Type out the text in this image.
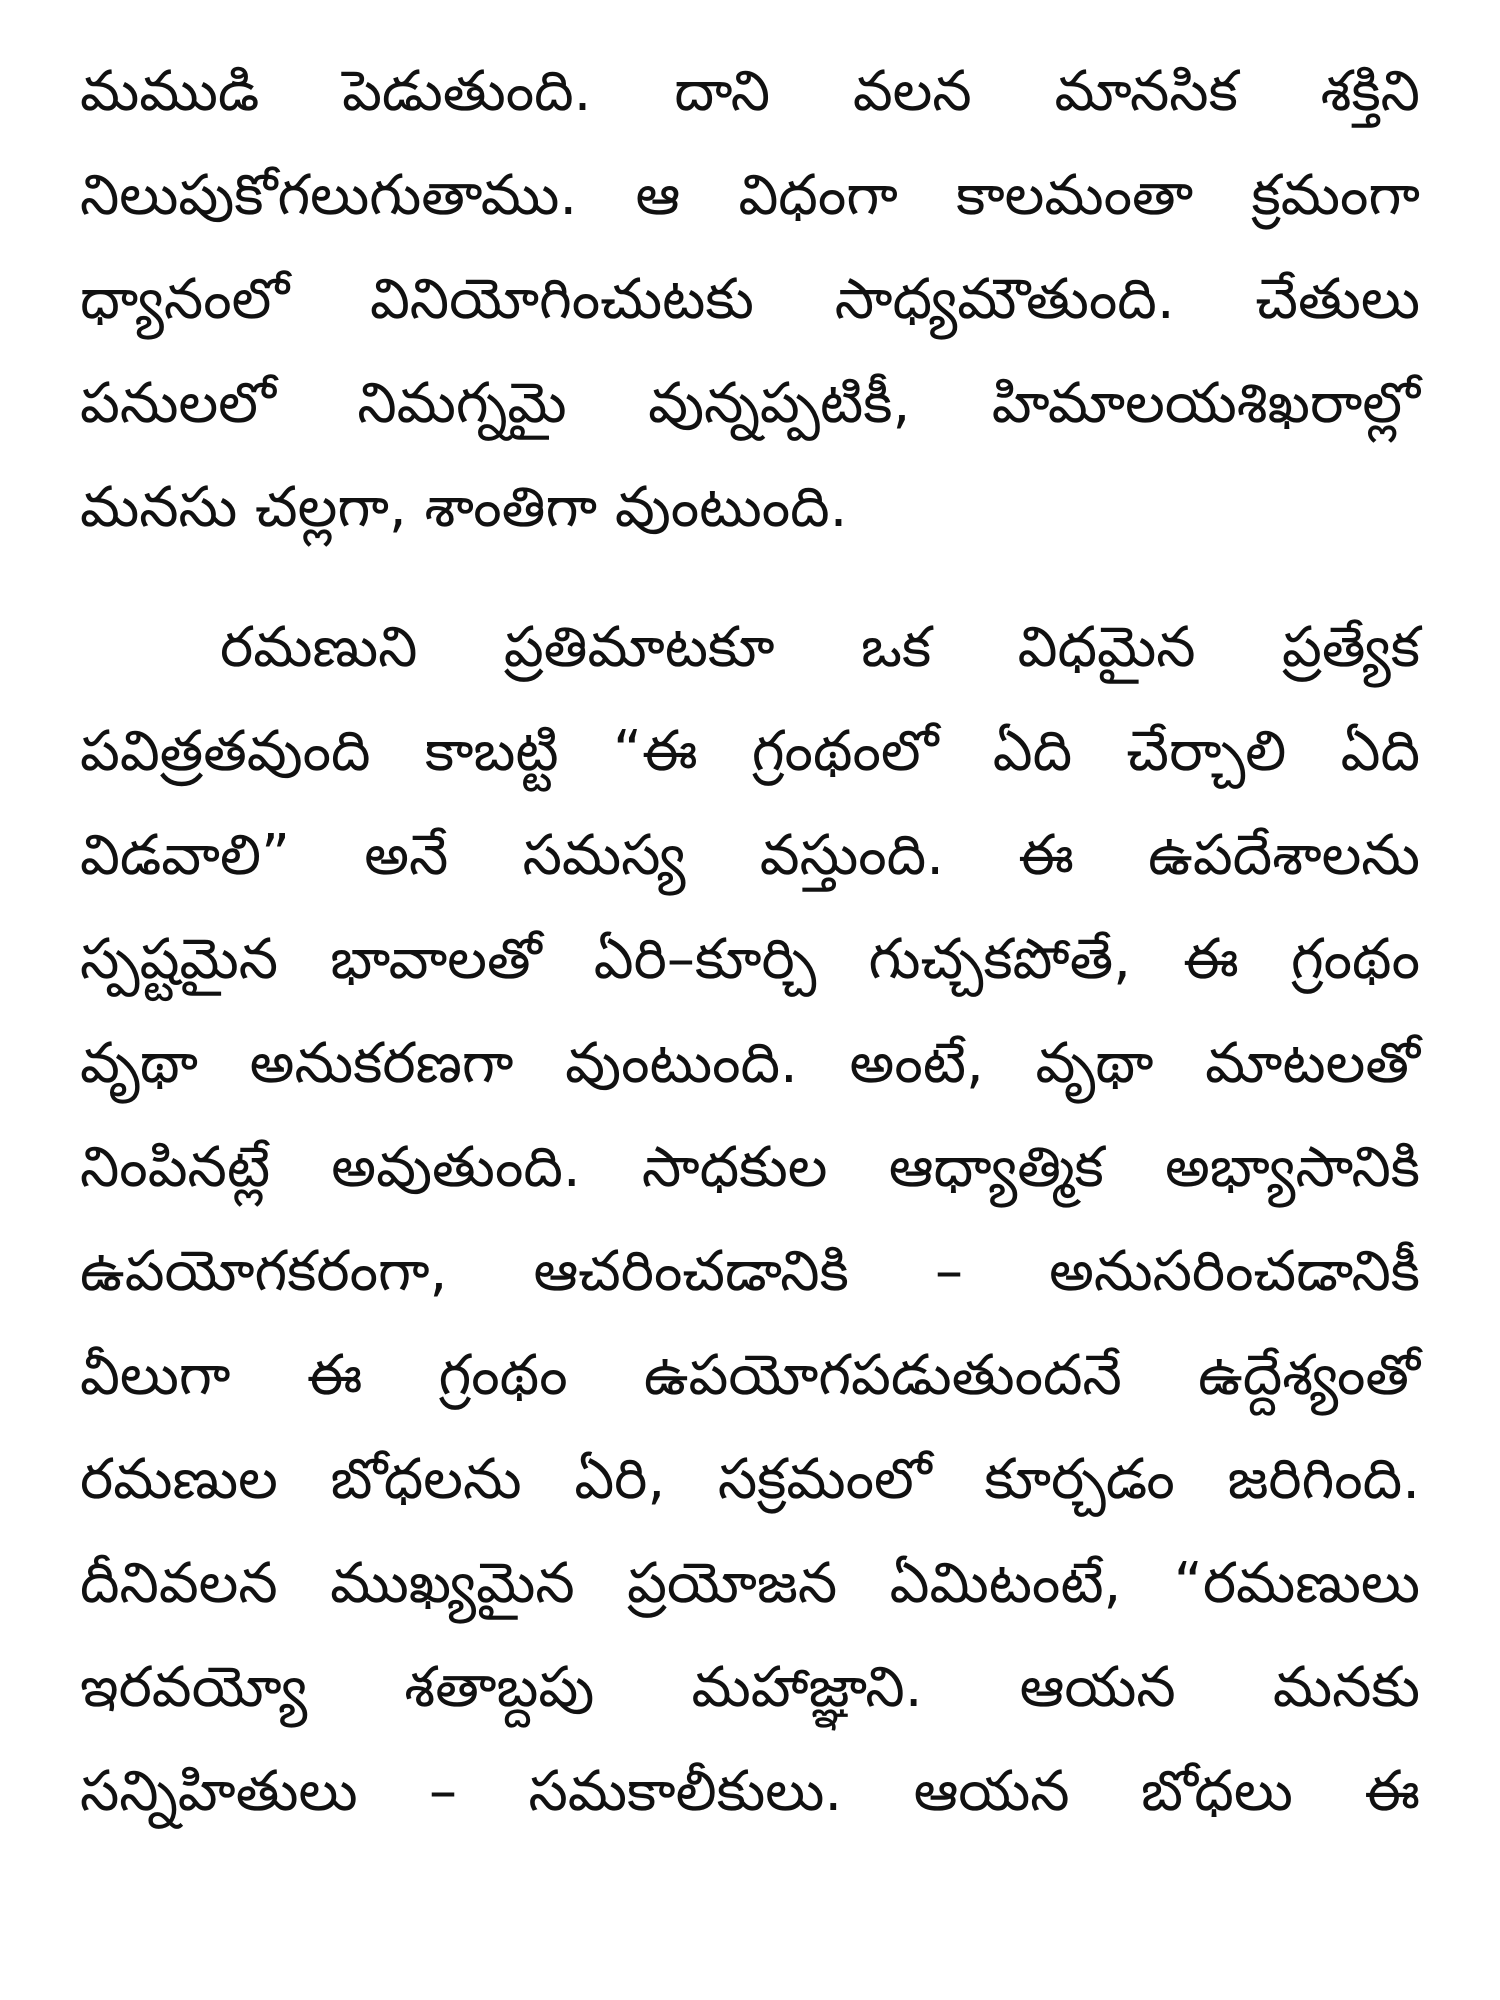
మముడి పెడుతుంది. దాని వలన మానసిక శక్తిని
నిలుపుకోగలుగుతాము. ఆ విధంగా కాలమంతా క్రమంగా
ధ్యానంలో వినియోగించుటకు సాధ్యమౌతుంది. చేతులు
పనులలో నిమగ్నమై వున్నప్పటికీ, హిమాలయశిఖరాల్లో
మనసు చల్లగా, శాంతిగా వుంటుంది.
రమణుని ప్రతిమాటకూ ఒక విధమైన ప్రత్యేక
పవిత్రతవుంది కాబట్టి “ఈ గ్రంథంలో ఏది చేర్చాలి ఏది
విడవాలి” అనే సమస్య వస్తుంది. ఈ ఉపదేశాలను
స్పష్టమైన భావాలతో ఏరి–కూర్చి గుచ్చకపోతే, ఈ గ్రంథం
వృథా అనుకరణగా వుంటుంది. అంటే, వృథా మాటలతో
నింపినట్లే అవుతుంది. సాధకుల ఆధ్యాత్మిక అభ్యాసానికి
ఉపయోగకరంగా, ఆచరించడానికి – అనుసరించడానికీ
వీలుగా ఈ గ్రంథం ఉపయోగపడుతుందనే ఉద్దేశ్యంతో
రమణుల బోధలను ఏరి, సక్రమంలో కూర్చడం జరిగింది.
దీనివలన ముఖ్యమైన ప్రయోజన ఏమిటంటే, “రమణులు
ఇరవయ్యో శతాబ్దపు మహాజ్ఞాని. ఆయన మనకు
సన్నిహితులు – సమకాలీకులు. ఆయన బోధలు ఈ
